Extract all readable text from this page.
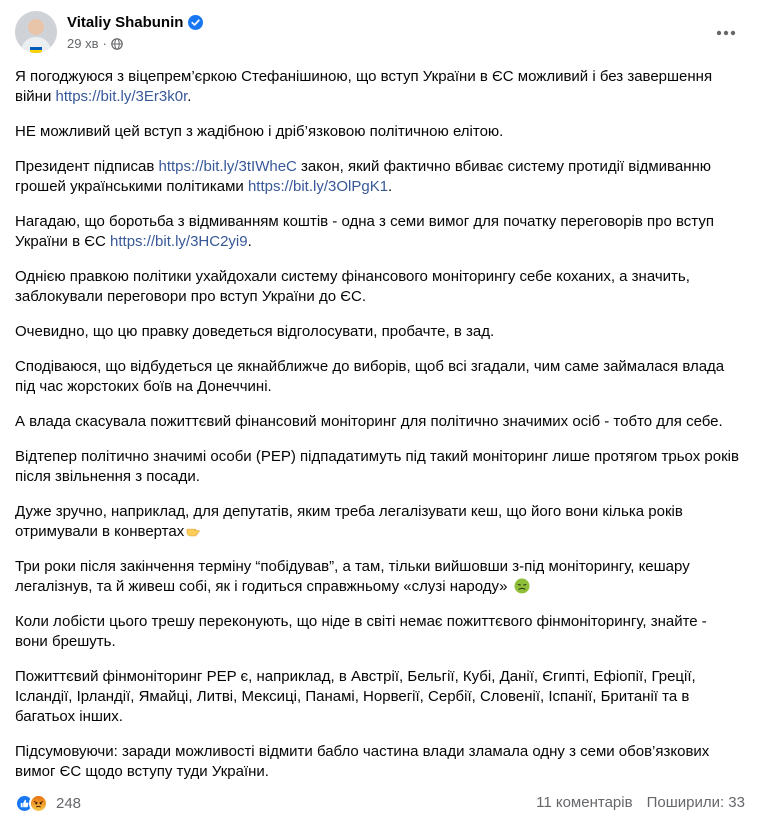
Vitaliy Shabunin
29 хв ·

Я погоджуюся з віцепрем’єркою Стефанішиною, що вступ України в ЄС можливий і без завершення війни https://bit.ly/3Er3k0r.

НЕ можливий цей вступ з жадібною і дріб’язковою політичною елітою.

Президент підписав https://bit.ly/3tIWheC закон, який фактично вбиває систему протидії відмиванню грошей українськими політиками https://bit.ly/3OlPgK1.

Нагадаю, що боротьба з відмиванням коштів - одна з семи вимог для початку переговорів про вступ України в ЄС https://bit.ly/3HC2yi9.

Однією правкою політики ухайдохали систему фінансового моніторингу себе коханих, а значить, заблокували переговори про вступ України до ЄС.

Очевидно, що цю правку доведеться відголосувати, пробачте, в зад.

Сподіваюся, що відбудеться це якнайближче до виборів, щоб всі згадали, чим саме займалася влада під час жорстоких боїв на Донеччині.

А влада скасувала пожиттєвий фінансовий моніторинг для політично значимих осіб - тобто для себе.

Відтепер політично значимі особи (PEP) підпадатимуть під такий моніторинг лише протягом трьох років після звільнення з посади.

Дуже зручно, наприклад, для депутатів, яким треба легалізувати кеш, що його вони кілька років отримували в конвертах

Три роки після закінчення терміну “побідував”, а там, тільки вийшовши з-під моніторингу, кешару легалізнув, та й живеш собі, як і годиться справжньому «слузі народу»

Коли лобісти цього трешу переконують, що ніде в світі немає пожиттєвого фінмоніторингу, знайте - вони брешуть.

Пожиттєвий фінмоніторинг PEP є, наприклад, в Австрії, Бельгії, Кубі, Данії, Єгипті, Ефіопії, Греції, Ісландії, Ірландії, Ямайці, Литві, Мексиці, Панамі, Норвегії, Сербії, Словенії, Іспанії, Британії та в багатьох інших.

Підсумовуючи: заради можливості відмити бабло частина влади зламала одну з семи обов’язкових вимог ЄС щодо вступу туди України.

248	11 коментарів Поширили: 33
